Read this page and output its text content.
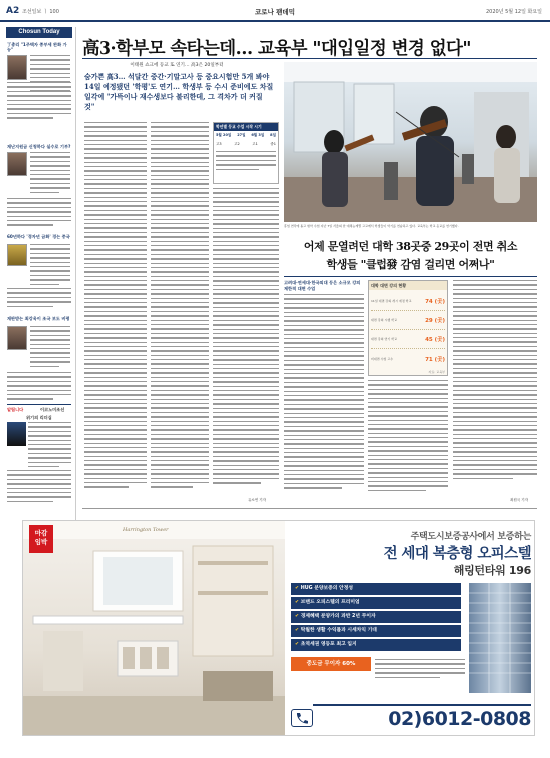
A2 조선일보 ㅣ 100	코로나 팬데믹	2020년 5월 12일 화요일
Chosun Today
丁총리 "1주택자 종부세 완화 가능"
재난지원금 신청하다 실수로 기부?
60년하다 '경자년 금화' 경는 중국
재판받는 최강욱이 조국 보도 비평
알립니다	이코노미조선
위기의 리더십
高3·학부모 속타는데… 교육부 "대입일정 변경 없다"
이태원 쇼크에 등교 또 연기… 高3은 20일부터
숨가쁜 高3… 석달간 중간·기말고사 등 중요시험만 5개 봐야
14일 예정됐던 '학평'도 연기… 학생부 등 수시 준비에도 차질
일각에 "가뜩이나 재수생보다 불리한데, 그 격차가 더 커질 것"
학년별 등교 수업 시작 시기
5월 20일 27일 6월 3일 8일
고3	고2	고1	중1
유소연 기자
휴업 연락에 돌고 현악 수업 지난 7일 서울의 한 예체능계열 고교에서 학생들이 악기를 연습하고 있다. 교육부는 학교 등교를 연기했다.
어제 문열려던 대학 38곳중 29곳이 전면 취소
학생들 "클럽發 감염 걸리면 어쩌나"
고려대·연세대·한국외대 등은 소규모 강의 제한적 대면 수업
대학 대면 강의 현황
11일 대면 강의 개시 예정 학교 74 (곳)
대면 강의 시행 학교	29 (곳)
대면 강의 연기 학교	45 (곳)
비대면 수업 고수	71 (곳)
자료: 교육부
최원국 기자
마감
임박
Harrington Tower
주택도시보증공사에서 보증하는
전 세대 복층형 오피스텔
해링턴타워 196
✔ HUG 분양보증의 안정성
✔ 브랜드 오피스텔의 프리미엄
✔ 경제혜택 분양가의 과반 2년 무이자
✔ 탁월한 생활 수익률과 시세차익 기대
✔ 초역세권 영등포 최고 입지
중도금 무이자 60%
02)6012-0808
